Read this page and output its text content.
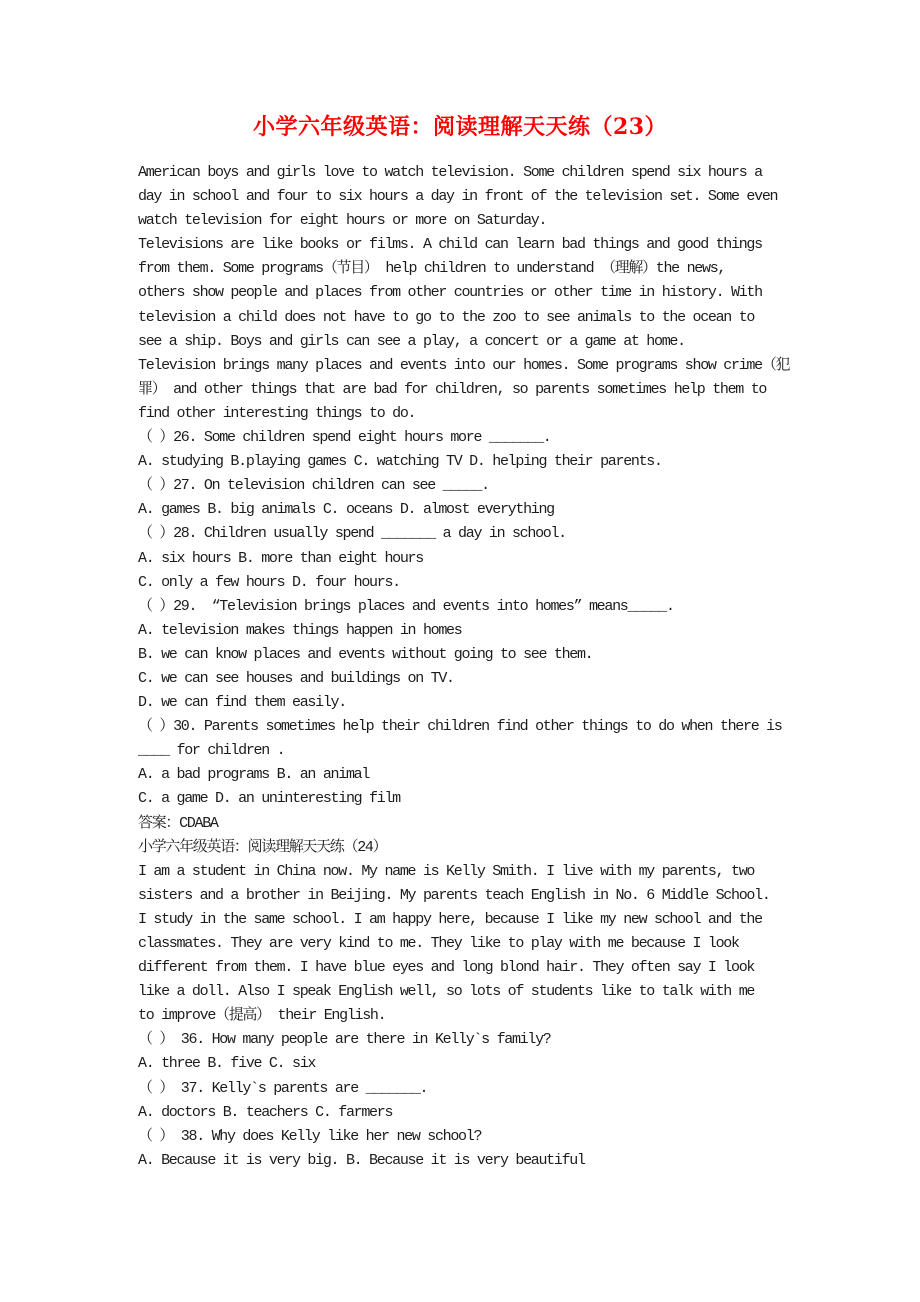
小学六年级英语：阅读理解天天练（23）
American boys and girls love to watch television. Some children spend six hours a
day in school and four to six hours a day in front of the television set. Some even
watch television for eight hours or more on Saturday.
Televisions are like books or films. A child can learn bad things and good things
from them. Some programs（节目） help children to understand （理解）the news,
others show people and places from other countries or other time in history. With
television a child does not have to go to the zoo to see animals to the ocean to
see a ship. Boys and girls can see a play, a concert or a game at home.
Television brings many places and events into our homes. Some programs show crime（犯
罪） and other things that are bad for children, so parents sometimes help them to
find other interesting things to do.
（ ）26. Some children spend eight hours more _______.
A. studying B.playing games C. watching TV D. helping their parents.
（ ）27. On television children can see _____.
A. games B. big animals C. oceans D. almost everything
（ ）28. Children usually spend _______ a day in school.
A. six hours B. more than eight hours
C. only a few hours D. four hours.
（ ）29.  “Television brings places and events into homes” means_____.
A. television makes things happen in homes
B. we can know places and events without going to see them.
C. we can see houses and buildings on TV.
D. we can find them easily.
（ ）30. Parents sometimes help their children find other things to do when there is
____ for children .
A. a bad programs B. an animal
C. a game D. an uninteresting film
答案：CDABA
小学六年级英语：阅读理解天天练（24）
I am a student in China now. My name is Kelly Smith. I live with my parents, two
sisters and a brother in Beijing. My parents teach English in No. 6 Middle School.
I study in the same school. I am happy here, because I like my new school and the
classmates. They are very kind to me. They like to play with me because I look
different from them. I have blue eyes and long blond hair. They often say I look
like a doll. Also I speak English well, so lots of students like to talk with me
to improve（提高） their English.
（ ） 36. How many people are there in Kelly`s family?
A. three B. five C. six
（ ） 37. Kelly`s parents are _______.
A. doctors B. teachers C. farmers
（ ） 38. Why does Kelly like her new school?
A. Because it is very big. B. Because it is very beautiful
